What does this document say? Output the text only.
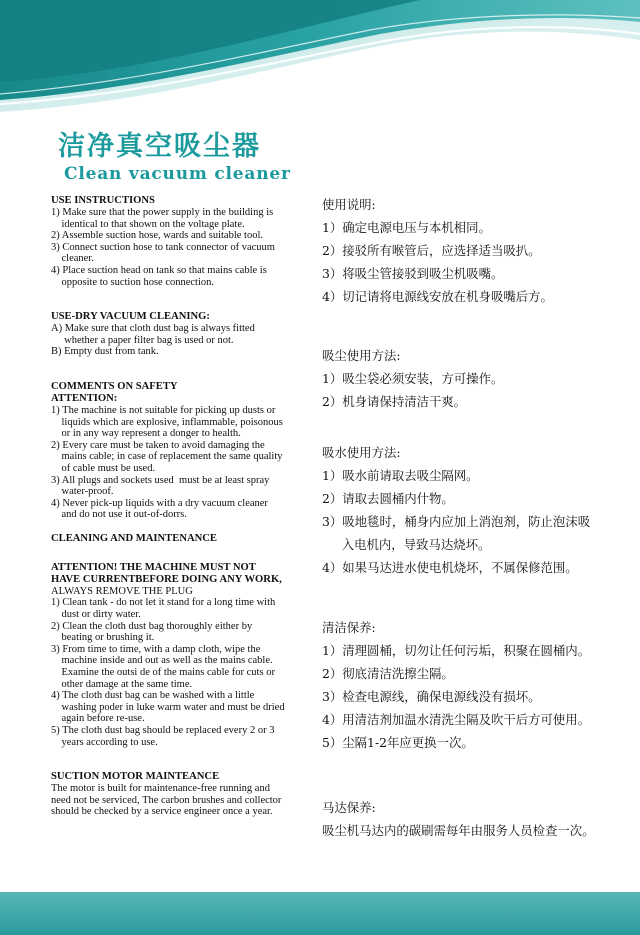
洁净真空吸尘器
Clean vacuum cleaner

USE INSTRUCTIONS

1) Make sure that the power supply in the building is
identical to that shown on the voltage plate.
2) Assemble suction hose, wards and suitable tool.
3) Connect suction hose to tank connector of vacuum
cleaner.
4) Place suction head on tank so that mains cable is
opposite to suction hose connection.

USE-DRY VACUUM CLEANING:

A) Make sure that cloth dust bag is always fitted
whether a paper filter bag is used or not.
B) Empty dust from tank.

COMMENTS ON SAFETY

ATTENTION:

1) The machine is not suitable for picking up dusts or
liquids which are explosive, inflammable, poisonous
or in any way represent a donger to health.
2) Every care must be taken to avoid damaging the
mains cable; in case of replacement the same quality
of cable must be used.
3) All plugs and sockets used  must be at least spray
water-proof.
4) Never pick-up liquids with a dry vacuum cleaner
and do not use it out-of-dorrs.

CLEANING AND MAINTENANCE

ATTENTION! THE MACHINE MUST NOT

HAVE CURRENTBEFORE DOING ANY WORK,

ALWAYS REMOVE THE PLUG
1) Clean tank - do not let it stand for a long time with
dust or dirty water.
2) Clean the cloth dust bag thoroughly either by
beating or brushing it.
3) From time to time, with a damp cloth, wipe the
machine inside and out as well as the mains cable.
Examine the outsi de of the mains cable for cuts or
other damage at the same time.
4) The cloth dust bag can be washed with a little
washing poder in luke warm water and must be dried
again before re-use.
5) The cloth dust bag should be replaced every 2 or 3
years according to use.

SUCTION MOTOR MAINTEANCE

The motor is built for maintenance-free running and
need not be serviced, The carbon brushes and collector
should be checked by a service engineer once a year.

使用说明:

1）确定电源电压与本机相同。
2）接驳所有喉管后，应选择适当吸扒。
3）将吸尘管接驳到吸尘机吸嘴。
4）切记请将电源线安放在机身吸嘴后方。

吸尘使用方法:

1）吸尘袋必须安装，方可操作。
2）机身请保持清洁干爽。

吸水使用方法:

1）吸水前请取去吸尘隔网。
2）请取去圆桶内什物。
3）吸地毯时，桶身内应加上消泡剂，防止泡沫吸
入电机内，导致马达烧坏。
4）如果马达进水使电机烧坏，不属保修范围。

清洁保养:

1）清理圆桶，切勿让任何污垢，积聚在圆桶内。
2）彻底清洁洗擦尘隔。
3）检查电源线，确保电源线没有损坏。
4）用清洁剂加温水清洗尘隔及吹干后方可使用。
5）尘隔1-2年应更换一次。

马达保养:

吸尘机马达内的碳刷需每年由服务人员检查一次。
